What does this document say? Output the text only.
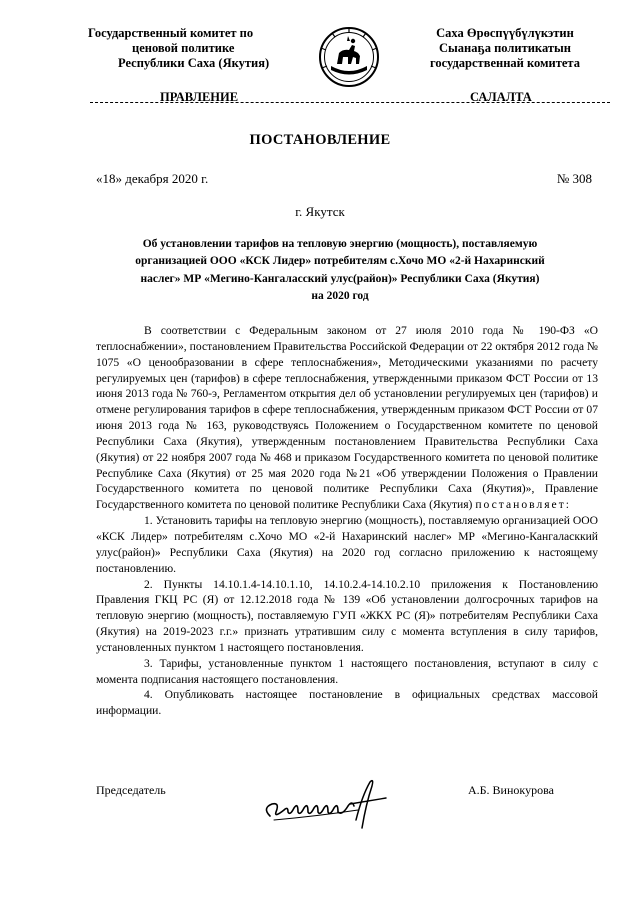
Государственный комитет по
ценовой политике
Республики Саха (Якутия)
Саха Өрөспүүбүлүкэтин
Сыанаҕа политикатын
государственнай комитета
ПРАВЛЕНИЕ	САЛАЛТА
ПОСТАНОВЛЕНИЕ
«18» декабря 2020 г.	№ 308
г. Якутск
Об установлении тарифов на тепловую энергию (мощность), поставляемую
организацией ООО «КСК Лидер» потребителям с.Хочо МО «2-й Нахаринский
наслег» МР «Мегино-Кангаласский улус(район)» Республики Саха (Якутия)
на 2020 год

В соответствии с Федеральным законом от 27 июля 2010 года № 190-ФЗ «О теплоснабжении», постановлением Правительства Российской Федерации от 22 октября 2012 года № 1075 «О ценообразовании в сфере теплоснабжения», Методическими указаниями по расчету регулируемых цен (тарифов) в сфере теплоснабжения, утвержденными приказом ФСТ России от 13 июня 2013 года № 760-э, Регламентом открытия дел об установлении регулируемых цен (тарифов) и отмене регулирования тарифов в сфере теплоснабжения, утвержденным приказом ФСТ России от 07 июня 2013 года № 163, руководствуясь Положением о Государственном комитете по ценовой Республики Саха (Якутия), утвержденным постановлением Правительства Республики Саха (Якутия) от 22 ноября 2007 года № 468 и приказом Государственного комитета по ценовой политике Республике Саха (Якутия) от 25 мая 2020 года №21 «Об утверждении Положения о Правлении Государственного комитета по ценовой политике Республики Саха (Якутия)», Правление Государственного комитета по ценовой политике Республики Саха (Якутия) постановляет:

1. Установить тарифы на тепловую энергию (мощность), поставляемую организацией ООО «КСК Лидер» потребителям с.Хочо МО «2-й Нахаринский наслег» МР «Мегино-Кангаласккий улус(район)» Республики Саха (Якутия) на 2020 год согласно приложению к настоящему постановлению.

2. Пункты 14.10.1.4-14.10.1.10, 14.10.2.4-14.10.2.10 приложения к Постановлению Правления ГКЦ РС (Я) от 12.12.2018 года № 139 «Об установлении долгосрочных тарифов на тепловую энергию (мощность), поставляемую ГУП «ЖКХ РС (Я)» потребителям Республики Саха (Якутия) на 2019-2023 г.г.» признать утратившим силу с момента вступления в силу тарифов, установленных пунктом 1 настоящего постановления.

3. Тарифы, установленные пунктом 1 настоящего постановления, вступают в силу с момента подписания настоящего постановления.

4. Опубликовать настоящее постановление в официальных средствах массовой информации.

Председатель	А.Б. Винокурова
